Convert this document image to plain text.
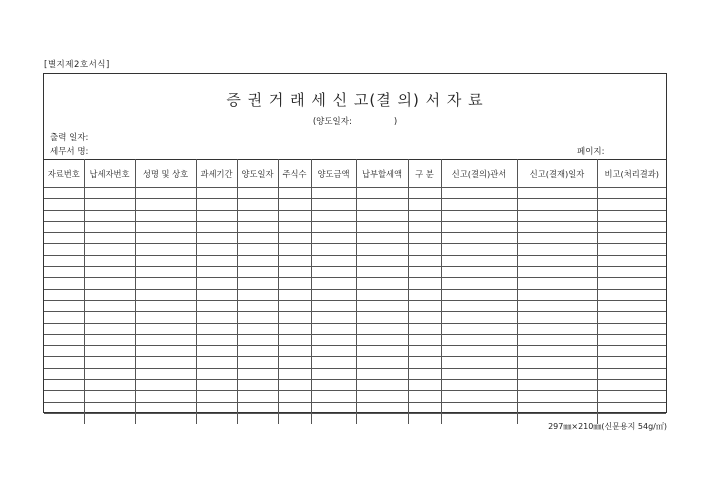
[별지제2호서식]
증 권 거 래 세 신 고(결 의) 서 자 료
(양도일자:	)
출력 일자:
세무서 명:	페이지:
자료번호	납세자번호	성명 및 상호	과세기간	양도일자	주식수	양도금액	납부할세액	구 분	신고(결의)관서	신고(결재)일자	비고(처리결과)

297㎜×210㎜(신문용지 54g/㎡)
